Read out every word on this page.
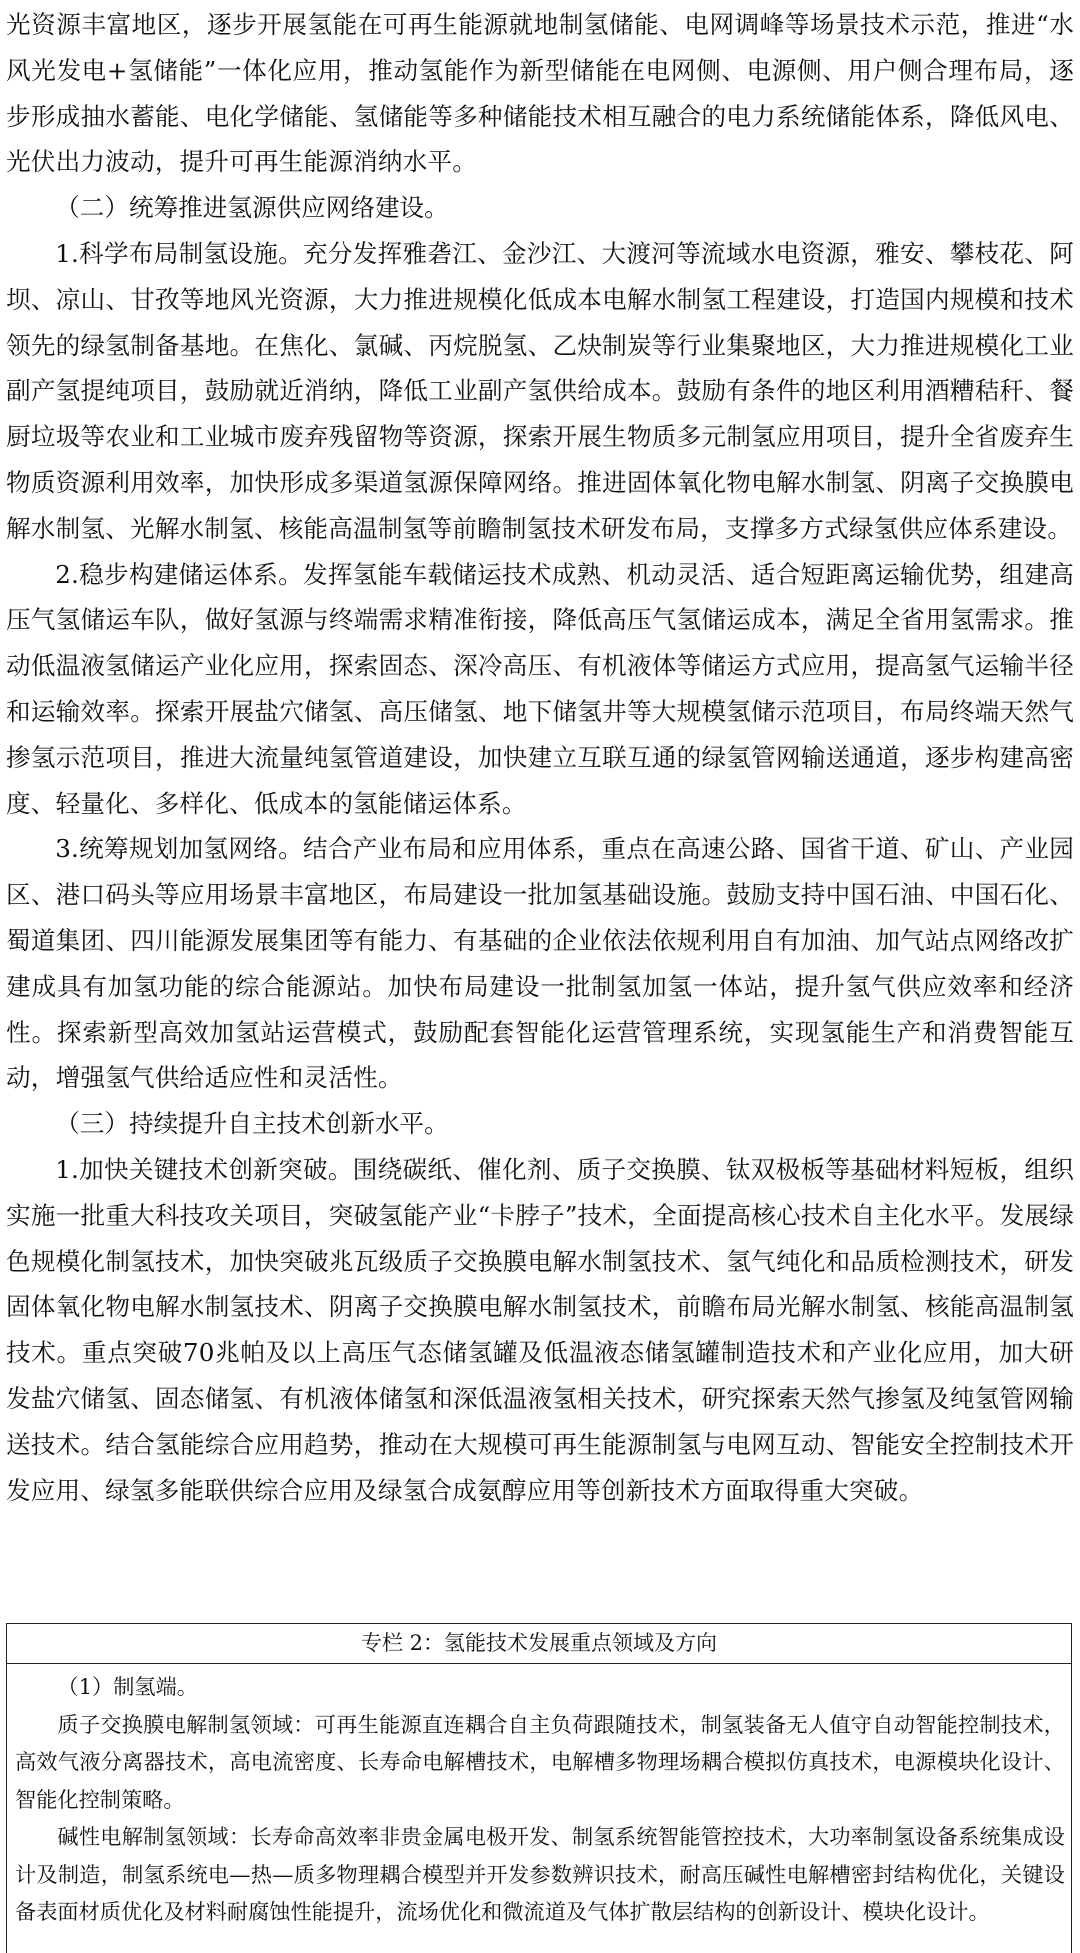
光资源丰富地区，逐步开展氢能在可再生能源就地制氢储能、电网调峰等场景技术示范，推进“水风光发电+氢储能”一体化应用，推动氢能作为新型储能在电网侧、电源侧、用户侧合理布局，逐步形成抽水蓄能、电化学储能、氢储能等多种储能技术相互融合的电力系统储能体系，降低风电、光伏出力波动，提升可再生能源消纳水平。

（二）统筹推进氢源供应网络建设。

1.科学布局制氢设施。充分发挥雅砻江、金沙江、大渡河等流域水电资源，雅安、攀枝花、阿坝、凉山、甘孜等地风光资源，大力推进规模化低成本电解水制氢工程建设，打造国内规模和技术领先的绿氢制备基地。在焦化、氯碱、丙烷脱氢、乙炔制炭等行业集聚地区，大力推进规模化工业副产氢提纯项目，鼓励就近消纳，降低工业副产氢供给成本。鼓励有条件的地区利用酒糟秸秆、餐厨垃圾等农业和工业城市废弃残留物等资源，探索开展生物质多元制氢应用项目，提升全省废弃生物质资源利用效率，加快形成多渠道氢源保障网络。推进固体氧化物电解水制氢、阴离子交换膜电解水制氢、光解水制氢、核能高温制氢等前瞻制氢技术研发布局，支撑多方式绿氢供应体系建设。

2.稳步构建储运体系。发挥氢能车载储运技术成熟、机动灵活、适合短距离运输优势，组建高压气氢储运车队，做好氢源与终端需求精准衔接，降低高压气氢储运成本，满足全省用氢需求。推动低温液氢储运产业化应用，探索固态、深冷高压、有机液体等储运方式应用，提高氢气运输半径和运输效率。探索开展盐穴储氢、高压储氢、地下储氢井等大规模氢储示范项目，布局终端天然气掺氢示范项目，推进大流量纯氢管道建设，加快建立互联互通的绿氢管网输送通道，逐步构建高密度、轻量化、多样化、低成本的氢能储运体系。

3.统筹规划加氢网络。结合产业布局和应用体系，重点在高速公路、国省干道、矿山、产业园区、港口码头等应用场景丰富地区，布局建设一批加氢基础设施。鼓励支持中国石油、中国石化、蜀道集团、四川能源发展集团等有能力、有基础的企业依法依规利用自有加油、加气站点网络改扩建成具有加氢功能的综合能源站。加快布局建设一批制氢加氢一体站，提升氢气供应效率和经济性。探索新型高效加氢站运营模式，鼓励配套智能化运营管理系统，实现氢能生产和消费智能互动，增强氢气供给适应性和灵活性。

（三）持续提升自主技术创新水平。

1.加快关键技术创新突破。围绕碳纸、催化剂、质子交换膜、钛双极板等基础材料短板，组织实施一批重大科技攻关项目，突破氢能产业“卡脖子”技术，全面提高核心技术自主化水平。发展绿色规模化制氢技术，加快突破兆瓦级质子交换膜电解水制氢技术、氢气纯化和品质检测技术，研发固体氧化物电解水制氢技术、阴离子交换膜电解水制氢技术，前瞻布局光解水制氢、核能高温制氢技术。重点突破70兆帕及以上高压气态储氢罐及低温液态储氢罐制造技术和产业化应用，加大研发盐穴储氢、固态储氢、有机液体储氢和深低温液氢相关技术，研究探索天然气掺氢及纯氢管网输送技术。结合氢能综合应用趋势，推动在大规模可再生能源制氢与电网互动、智能安全控制技术开发应用、绿氢多能联供综合应用及绿氢合成氨醇应用等创新技术方面取得重大突破。

专栏 2：氢能技术发展重点领域及方向

（1）制氢端。

质子交换膜电解制氢领域：可再生能源直连耦合自主负荷跟随技术，制氢装备无人值守自动智能控制技术，高效气液分离器技术，高电流密度、长寿命电解槽技术，电解槽多物理场耦合模拟仿真技术，电源模块化设计、智能化控制策略。

碱性电解制氢领域：长寿命高效率非贵金属电极开发、制氢系统智能管控技术，大功率制氢设备系统集成设计及制造，制氢系统电—热—质多物理耦合模型并开发参数辨识技术，耐高压碱性电解槽密封结构优化，关键设备表面材质优化及材料耐腐蚀性能提升，流场优化和微流道及气体扩散层结构的创新设计、模块化设计。
